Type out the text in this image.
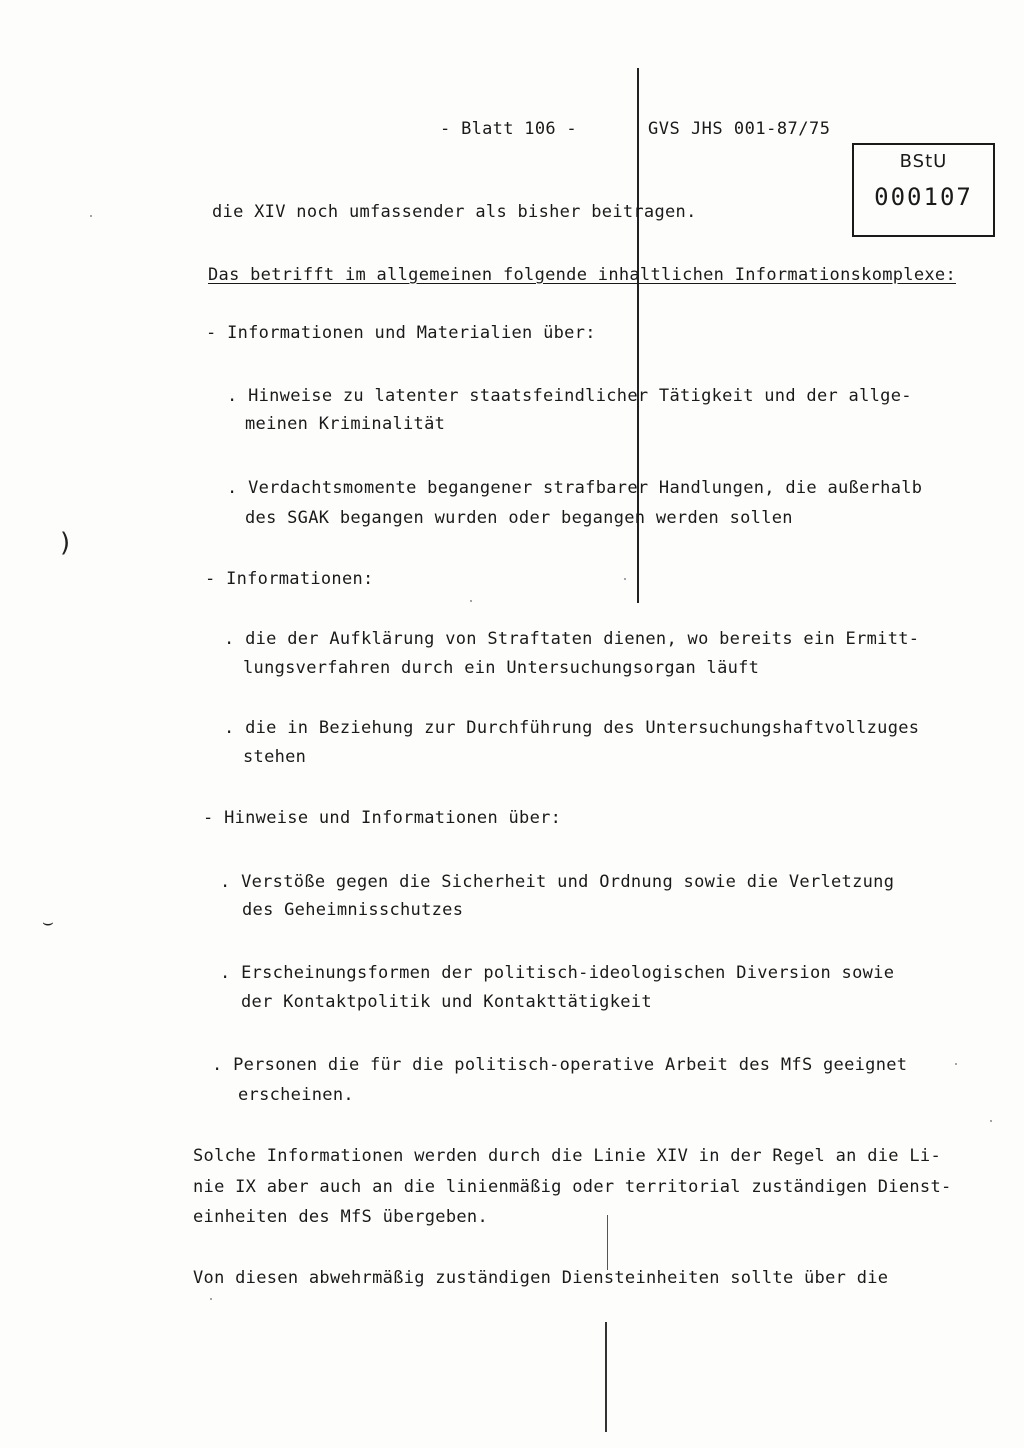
- Blatt 106 -	GVS JHS 001-87/75
BStU
000107
die XIV noch umfassender als bisher beitragen.
Das betrifft im allgemeinen folgende inhaltlichen Informationskomplexe:
- Informationen und Materialien über:
. Hinweise zu latenter staatsfeindlicher Tätigkeit und der allge-
meinen Kriminalität
. Verdachtsmomente begangener strafbarer Handlungen, die außerhalb
des SGAK begangen wurden oder begangen werden sollen
- Informationen:
. die der Aufklärung von Straftaten dienen, wo bereits ein Ermitt-
lungsverfahren durch ein Untersuchungsorgan läuft
. die in Beziehung zur Durchführung des Untersuchungshaftvollzuges
stehen
- Hinweise und Informationen über:
. Verstöße gegen die Sicherheit und Ordnung sowie die Verletzung
des Geheimnisschutzes
. Erscheinungsformen der politisch-ideologischen Diversion sowie
der Kontaktpolitik und Kontakttätigkeit
. Personen die für die politisch-operative Arbeit des MfS geeignet
erscheinen.
Solche Informationen werden durch die Linie XIV in der Regel an die Li-
nie IX aber auch an die linienmäßig oder territorial zuständigen Dienst-
einheiten des MfS übergeben.
Von diesen abwehrmäßig zuständigen Diensteinheiten sollte über die
)
⌣
